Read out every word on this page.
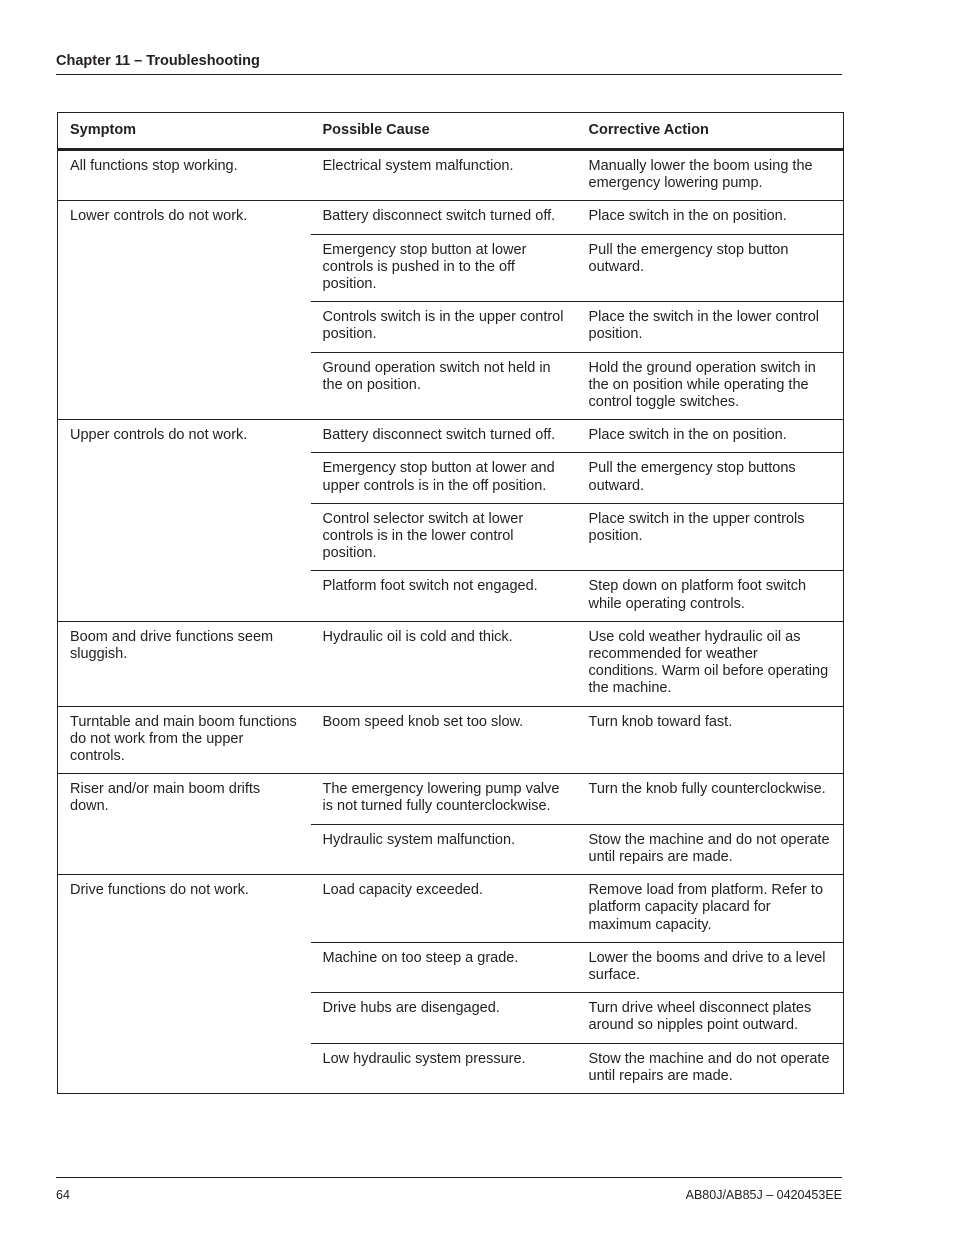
Chapter 11 – Troubleshooting
Symptom	Possible Cause	Corrective Action
All functions stop working.	Electrical system malfunction.	Manually lower the boom using the emergency lowering pump.
Lower controls do not work.	Battery disconnect switch turned off.	Place switch in the on position.
	Emergency stop button at lower controls is pushed in to the off position.	Pull the emergency stop button outward.
	Controls switch is in the upper control position.	Place the switch in the lower control position.
	Ground operation switch not held in the on position.	Hold the ground operation switch in the on position while operating the control toggle switches.
Upper controls do not work.	Battery disconnect switch turned off.	Place switch in the on position.
	Emergency stop button at lower and upper controls is in the off position.	Pull the emergency stop buttons outward.
	Control selector switch at lower controls is in the lower control position.	Place switch in the upper controls position.
	Platform foot switch not engaged.	Step down on platform foot switch while operating controls.
Boom and drive functions seem sluggish.	Hydraulic oil is cold and thick.	Use cold weather hydraulic oil as recommended for weather conditions. Warm oil before operating the machine.
Turntable and main boom functions do not work from the upper controls.	Boom speed knob set too slow.	Turn knob toward fast.
Riser and/or main boom drifts down.	The emergency lowering pump valve is not turned fully counterclockwise.	Turn the knob fully counterclockwise.
	Hydraulic system malfunction.	Stow the machine and do not operate until repairs are made.
Drive functions do not work.	Load capacity exceeded.	Remove load from platform. Refer to platform capacity placard for maximum capacity.
	Machine on too steep a grade.	Lower the booms and drive to a level surface.
	Drive hubs are disengaged.	Turn drive wheel disconnect plates around so nipples point outward.
	Low hydraulic system pressure.	Stow the machine and do not operate until repairs are made.
64	AB80J/AB85J – 0420453EE
